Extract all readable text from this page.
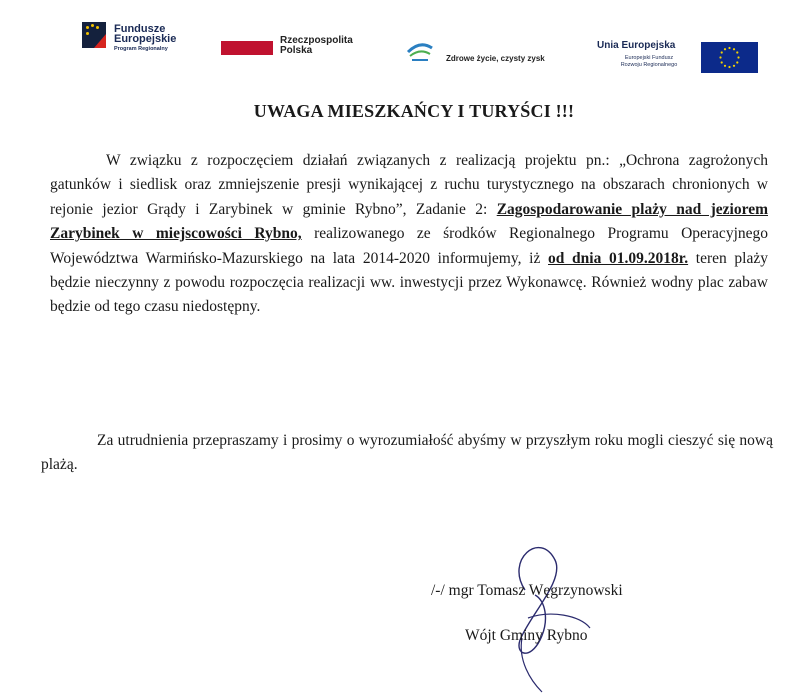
Fundusze
Europejskie
Program Regionalny
Rzeczpospolita
Polska
Zdrowe życie, czysty zysk
Unia Europejska
Europejski Fundusz
Rozwoju Regionalnego
UWAGA MIESZKAŃCY I TURYŚCI !!!

W związku z rozpoczęciem działań związanych z realizacją projektu pn.: „Ochrona zagrożonych gatunków i siedlisk oraz zmniejszenie presji wynikającej z ruchu turystycznego na obszarach chronionych w rejonie jezior Grądy i Zarybinek w gminie Rybno”, Zadanie 2: Zagospodarowanie plaży nad jeziorem Zarybinek w miejscowości Rybno, realizowanego ze środków Regionalnego Programu Operacyjnego Województwa Warmińsko-Mazurskiego na lata 2014-2020 informujemy, iż od dnia 01.09.2018r. teren plaży będzie nieczynny z powodu rozpoczęcia realizacji ww. inwestycji przez Wykonawcę. Również wodny plac zabaw będzie od tego czasu niedostępny.

Za utrudnienia przepraszamy i prosimy o wyrozumiałość abyśmy w przyszłym roku mogli cieszyć się nową plażą.

/-/ mgr Tomasz Węgrzynowski
Wójt Gminy Rybno
